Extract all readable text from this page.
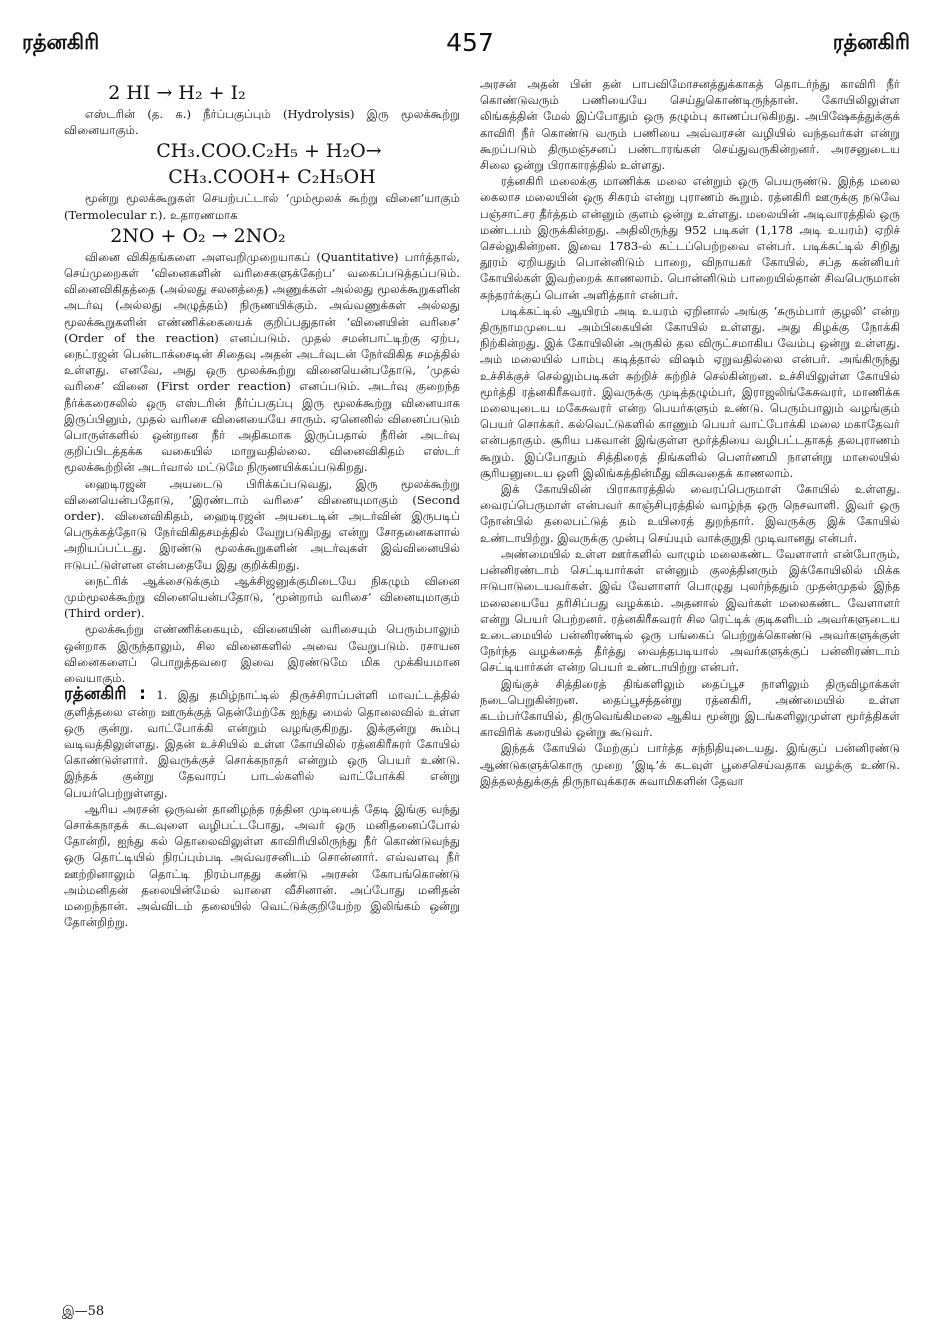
ரத்னகிரி	457	ரத்னகிரி

2 HI → H₂ + I₂

எஸ்டரின் (த. க.) நீர்ப்பகுப்பும் (Hydrolysis) இரு மூலக்கூற்று வினையாகும்.

CH₃.COO.C₂H₅ + H₂O→

CH₃.COOH+ C₂H₅OH

மூன்று மூலக்கூறுகள் செயற்பட்டால் ‘மும்மூலக் கூற்று வினை’யாகும் (Termolecular r.). உதாரணமாக

2NO + O₂ → 2NO₂

வினை விகிதங்களை அளவறிமுறையாகப் (Quantitative) பார்த்தால், செய்முறைகள் ‘வினைகளின் வரிசைகளுக்கேற்ப’ வகைப்படுத்தப்படும். வினைவிகிதத்தை (அல்லது சலனத்தை) அணுக்கள் அல்லது மூலக்கூறுகளின் அடர்வு (அல்லது அழுத்தம்) நிருணயிக்கும். அவ்வணுக்கள் அல்லது மூலக்கூறுகளின் எண்ணிக்கையைக் குறிப்பதுதான் ‘வினையின் வரிசை’ (Order of the reaction) எனப்படும். முதல் சமன்பாட்டிற்கு ஏற்ப, நைட்ரஜன் பென்டாக்சைடின் சிதைவு அதன் அடர்வுடன் நேர்விகித சமத்தில் உள்ளது. எனவே, அது ஒரு மூலக்கூற்று வினையென்பதோடு, ‘முதல் வரிசை’ வினை (First order reaction) எனப்படும். அடர்வு குறைந்த நீர்க்கரைசலில் ஒரு எஸ்டரின் நீர்ப்பகுப்பு இரு மூலக்கூற்று வினையாக இருப்பினும், முதல் வரிசை வினையையே சாரும். ஏனெனில் வினைப்படும் பொருள்களில் ஒன்றான நீர் அதிகமாக இருப்பதால் நீரின் அடர்வு குறிப்பிடத்தக்க வகையில் மாறுவதில்லை. வினைவிகிதம் எஸ்டர் மூலக்கூற்றின் அடர்வால் மட்டுமே நிருணயிக்கப்படுகிறது.

ஹைடிரஜன் அயடைடு பிரிக்கப்படுவது, இரு மூலக்கூற்று வினையென்பதோடு, ‘இரண்டாம் வரிசை’ வினையுமாகும் (Second order). வினைவிகிதம், ஹைடிரஜன் அயடைடின் அடர்வின் இருபடிப் பெருக்கத்தோடு நேர்விகிதசமத்தில் வேறுபடுகிறது என்று சோதனைகளால் அறியப்பட்டது. இரண்டு மூலக்கூறுகளின் அடர்வுகள் இவ்வினையில் ஈடுபட்டுள்ளன என்பதையே இது குறிக்கிறது.

நைட்ரிக் ஆக்சைடுக்கும் ஆக்சிஜனுக்குமிடையே நிகழும் வினை மும்மூலக்கூற்று வினையென்பதோடு, ‘மூன்றாம் வரிசை’ வினையுமாகும் (Third order).

மூலக்கூற்று எண்ணிக்கையும், வினையின் வரிசையும் பெரும்பாலும் ஒன்றாக இருந்தாலும், சில வினைகளில் அவை வேறுபடும். ரசாயன வினைகளைப் பொறுத்தவரை இவை இரண்டுமே மிக முக்கியமான வையாகும்.

ரத்னகிரி : 1. இது தமிழ்நாட்டில் திருச்சிராப்பள்ளி மாவட்டத்தில் குளித்தலை என்ற ஊருக்குத் தென்மேற்கே ஐந்து மைல் தொலைவில் உள்ள ஒரு குன்று. வாட்போக்கி என்றும் வழங்குகிறது. இக்குன்று கூம்பு வடிவத்திலுள்ளது. இதன் உச்சியில் உள்ள கோயிலில் ரத்னகிரீசுரர் கோயில் கொண்டுள்ளார். இவருக்குச் சொக்கநாதர் என்றும் ஒரு பெயர் உண்டு. இந்தக் குன்று தேவாரப் பாடல்களில் வாட்போக்கி என்று பெயர்பெற்றுள்ளது.

ஆரிய அரசன் ஒருவன் தானிழந்த ரத்தின முடியைத் தேடி இங்கு வந்து சொக்கநாதக் கடவுளை வழிபட்டபோது, அவர் ஒரு மனிதனைப்போல் தோன்றி, ஐந்து கல் தொலைவிலுள்ள காவிரியிலிருந்து நீர் கொண்டுவந்து ஒரு தொட்டியில் நிரப்பும்படி அவ்வரசனிடம் சொன்னார். எவ்வளவு நீர் ஊற்றினாலும் தொட்டி நிரம்பாதது கண்டு அரசன் கோபங்கொண்டு அம்மனிதன் தலையின்மேல் வாளை வீசினான். அப்போது மனிதன் மறைந்தான். அவ்விடம் தலையில் வெட்டுக்குறியேற்ற இலிங்கம் ஒன்று தோன்றிற்று.

அரசன் அதன் பின் தன் பாபவிமோசனத்துக்காகத் தொடர்ந்து காவிரி நீர் கொண்டுவரும் பணியையே செய்துகொண்டிருந்தான். கோயிலிலுள்ள லிங்கத்தின் மேல் இப்போதும் ஒரு தழும்பு காணப்படுகிறது. அபிஷேகத்துக்குக் காவிரி நீர் கொண்டு வரும் பணியை அவ்வரசன் வழியில் வந்தவர்கள் என்று கூறப்படும் திருமஞ்சனப் பண்டாரங்கள் செய்துவருகின்றனர். அரசனுடைய சிலை ஒன்று பிராகாரத்தில் உள்ளது.

ரத்னகிரி மலைக்கு மாணிக்க மலை என்றும் ஒரு பெயருண்டு. இந்த மலை கைலாச மலையின் ஒரு சிகரம் என்று புராணம் கூறும். ரத்னகிரி ஊருக்கு நடுவே பஞ்சாட்சர தீர்த்தம் என்னும் குளம் ஒன்று உள்ளது. மலையின் அடிவாரத்தில் ஒரு மண்டபம் இருக்கின்றது. அதிலிருந்து 952 படிகள் (1,178 அடி உயரம்) ஏறிச் செல்லுகின்றன. இவை 1783-ல் கட்டப்பெற்றவை என்பர். படிக்கட்டில் சிறிது தூரம் ஏறியதும் பொன்னிடும் பாறை, விநாயகர் கோயில், சப்த கன்னியர் கோயில்கள் இவற்றைக் காணலாம். பொன்னிடும் பாறையில்தான் சிவபெருமான் சுந்தரர்க்குப் பொன் அளித்தார் என்பர்.

படிக்கட்டில் ஆயிரம் அடி உயரம் ஏறினால் அங்கு ‘சுரும்பார் குழலி’ என்ற திருநாமமுடைய அம்பிகையின் கோயில் உள்ளது. அது கிழக்கு நோக்கி நிற்கின்றது. இக் கோயிலின் அருகில் தல விருட்சமாகிய வேம்பு ஒன்று உள்ளது. அம் மலையில் பாம்பு கடித்தால் விஷம் ஏறுவதில்லை என்பர். அங்கிருந்து உச்சிக்குச் செல்லும்படிகள் சுற்றிச் சுற்றிச் செல்கின்றன. உச்சியிலுள்ள கோயில் மூர்த்தி ரத்னகிரீசுவரர். இவருக்கு முடித்தழும்பர், இராஜலிங்கேசுவரர், மாணிக்க மலையுடைய மகேசுவரர் என்ற பெயர்களும் உண்டு. பெரும்பாலும் வழங்கும் பெயர் சொக்கர். கல்வெட்டுகளில் காணும் பெயர் வாட்போக்கி மலை மகாதேவர் என்பதாகும். சூரிய பகவான் இங்குள்ள மூர்த்தியை வழிபட்டதாகத் தலபுராணம் கூறும். இப்போதும் சித்திரைத் திங்களில் பௌர்ணமி நாளன்று மாலையில் சூரியனுடைய ஒளி இலிங்கத்தின்மீது விசுவதைக் காணலாம்.

இக் கோயிலின் பிராகாரத்தில் வைரப்பெருமாள் கோயில் உள்ளது. வைரப்பெருமாள் என்பவர் காஞ்சிபுரத்தில் வாழ்ந்த ஒரு நெசவாளி. இவர் ஒரு நோன்பில் தலைபட்டுத் தம் உயிரைத் துறந்தார். இவருக்கு இக் கோயில் உண்டாயிற்று. இவருக்கு முன்பு செய்யும் வாக்குறுதி முடிவானது என்பர்.

அண்மையில் உள்ள ஊர்களில் வாழும் மலைகண்ட வேளாளர் என்போரும், பன்னிரண்டாம் செட்டியார்கள் என்னும் குலத்தினரும் இக்கோயிலில் மிக்க ஈடுபாடுடையவர்கள். இவ் வேளாளர் பொழுது புலர்ந்ததும் முதன்முதல் இந்த மலையையே தரிசிப்பது வழக்கம். அதனால் இவர்கள் மலைகண்ட வேளாளர் என்று பெயர் பெற்றனர். ரத்னகிரீசுவரர் சில ரெட்டிக் குடிகளிடம் அவர்களுடைய உடைமையில் பன்னிரண்டில் ஒரு பங்கைப் பெற்றுக்கொண்டு அவர்களுக்குள் நேர்ந்த வழக்கைத் தீர்த்து வைத்தபடியால் அவர்களுக்குப் பன்னிரண்டாம் செட்டியார்கள் என்ற பெயர் உண்டாயிற்று என்பர்.

இங்குச் சித்திரைத் திங்களிலும் தைப்பூச நாளிலும் திருவிழாக்கள் நடைபெறுகின்றன. தைப்பூசத்தன்று ரத்னகிரி, அண்மையில் உள்ள கடம்பர்கோயில், திருவெங்கிமலை ஆகிய மூன்று இடங்களிலுமுள்ள மூர்த்திகள் காவிரிக் கரையில் ஒன்று கூடுவர்.

இந்தக் கோயில் மேற்குப் பார்த்த சந்நிதியுடையது. இங்குப் பன்னிரண்டு ஆண்டுகளுக்கொரு முறை ‘இடி’க் கடவுள் பூசைசெய்வதாக வழக்கு உண்டு. இத்தலத்துக்குத் திருநாவுக்கரசு சுவாமிகளின் தேவா

இ—58
